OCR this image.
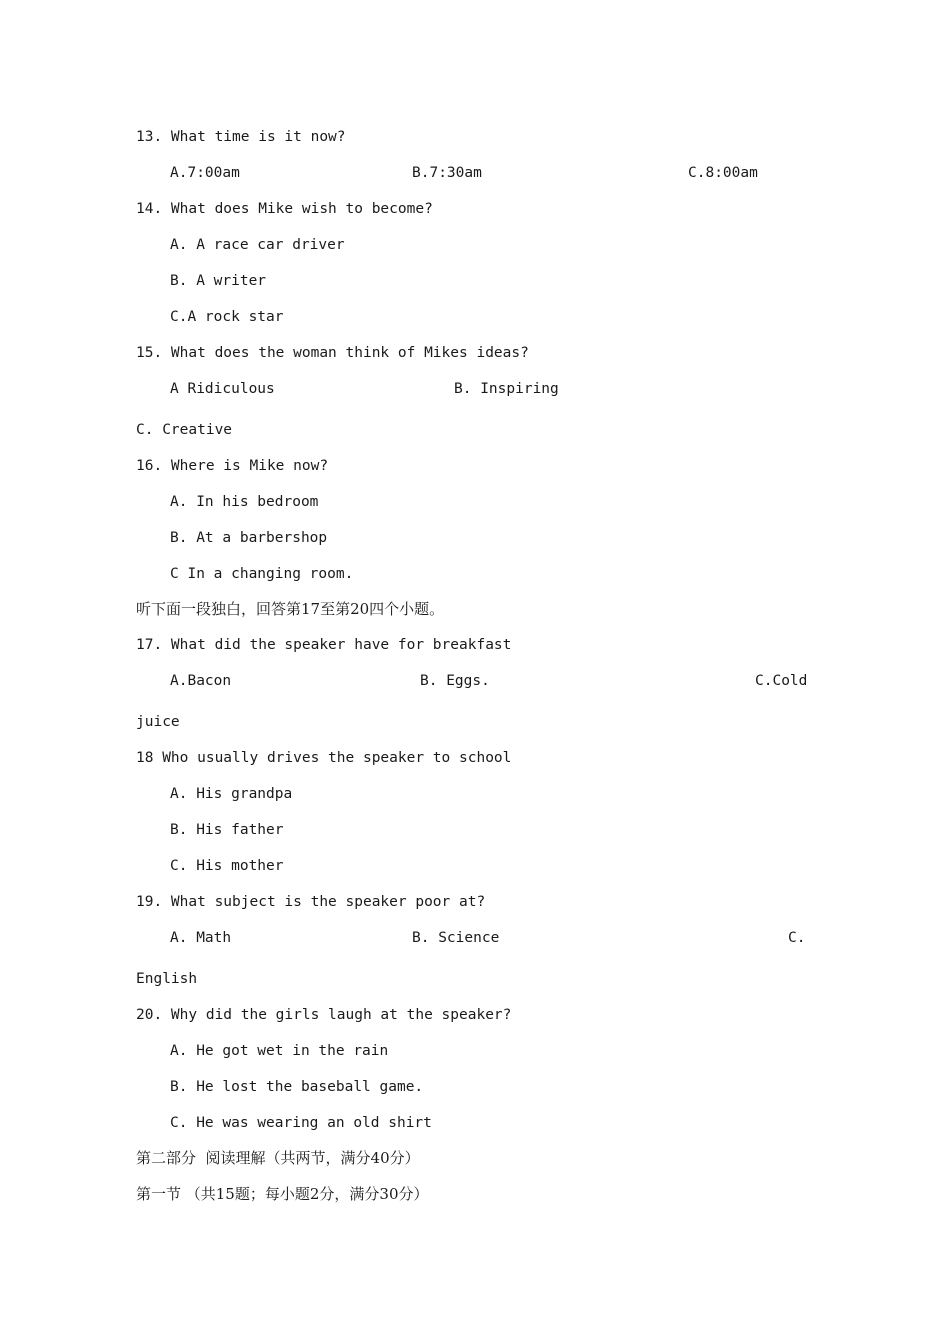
13. What time is it now?
A.7:00am	B.7:30am	C.8:00am
14. What does Mike wish to become?
A. A race car driver
B. A writer
C.A rock star
15. What does the woman think of Mikes ideas?
A Ridiculous	B. Inspiring
C. Creative
16. Where is Mike now?
A. In his bedroom
B. At a barbershop
C In a changing room.
听下面一段独白，回答第17至第20四个小题。
17. What did the speaker have for breakfast
A.Bacon	B. Eggs.	C.Cold
juice
18 Who usually drives the speaker to school
A. His grandpa
B. His father
C. His mother
19. What subject is the speaker poor at?
A. Math	B. Science	C.
English
20. Why did the girls laugh at the speaker?
A. He got wet in the rain
B. He lost the baseball game.
C. He was wearing an old shirt
第二部分  阅读理解（共两节，满分40分）
第一节 （共15题；每小题2分，满分30分）
